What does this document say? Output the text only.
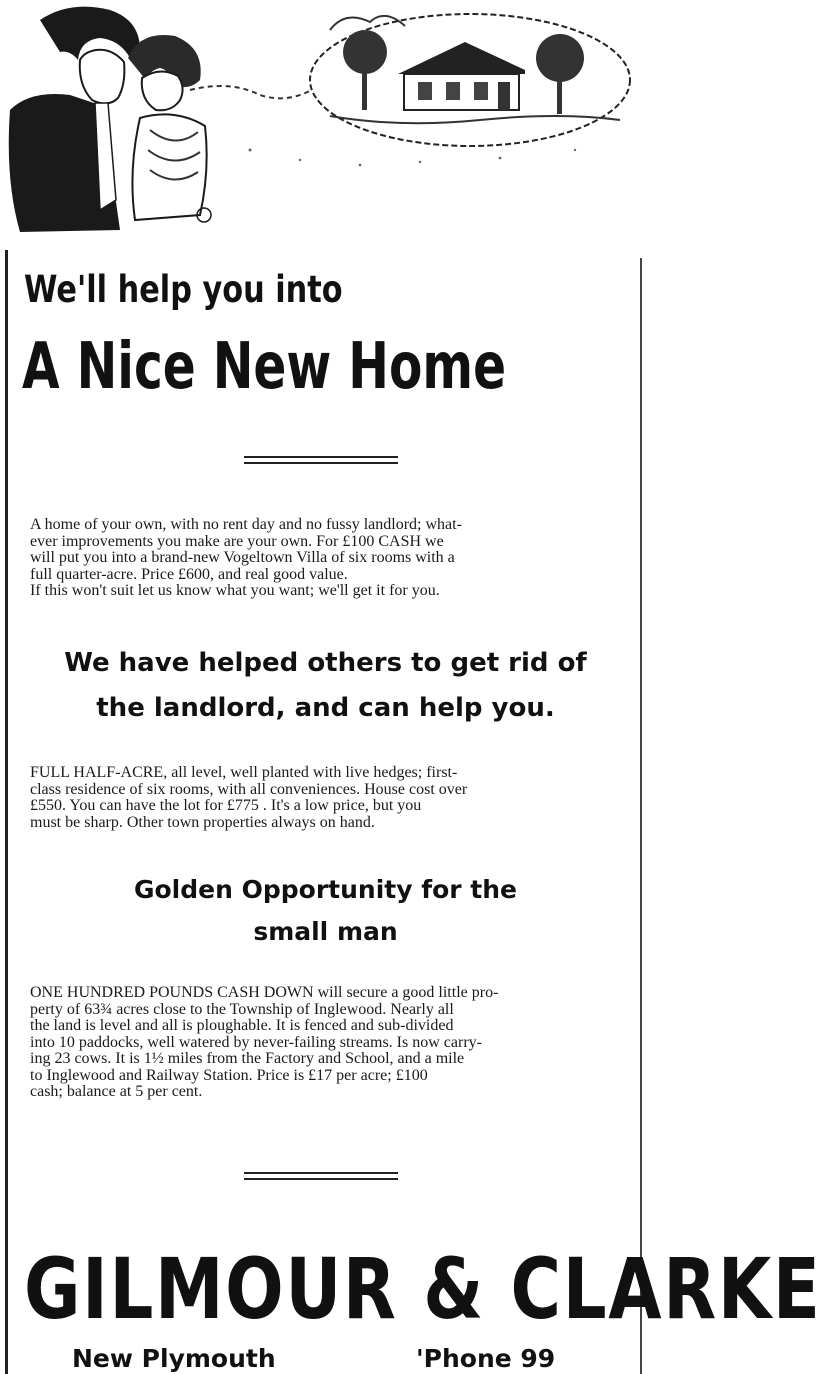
We'll help you into
A Nice New Home
A home of your own, with no rent day and no fussy landlord; what-
ever improvements you make are your own. For £100 CASH we
will put you into a brand-new Vogeltown Villa of six rooms with a
full quarter-acre. Price £600, and real good value.
If this won't suit let us know what you want; we'll get it for you.
We have helped others to get rid of
the landlord, and can help you.
FULL HALF-ACRE, all level, well planted with live hedges; first-
class residence of six rooms, with all conveniences. House cost over
£550. You can have the lot for £775 . It's a low price, but you
must be sharp. Other town properties always on hand.
Golden Opportunity for the
small man
ONE HUNDRED POUNDS CASH DOWN will secure a good little pro-
perty of 63¾ acres close to the Township of Inglewood. Nearly all
the land is level and all is ploughable. It is fenced and sub-divided
into 10 paddocks, well watered by never-failing streams. Is now carry-
ing 23 cows. It is 1½ miles from the Factory and School, and a mile
to Inglewood and Railway Station. Price is £17 per acre; £100
cash; balance at 5 per cent.
GILMOUR & CLARKE
New Plymouth	'Phone 99
